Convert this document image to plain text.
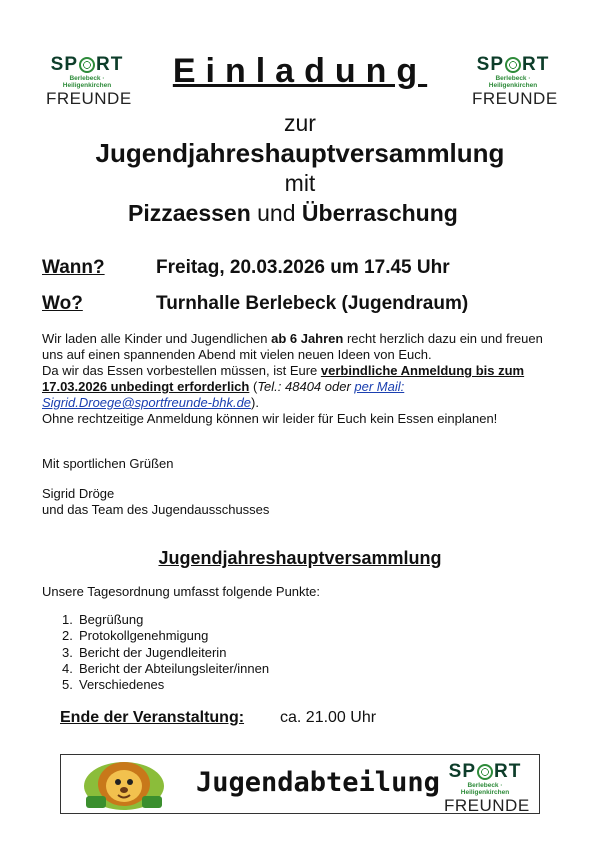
SP RT
Berlebeck · Heiligenkirchen
FREUNDE
SP RT
Berlebeck · Heiligenkirchen
FREUNDE
Einladung
zur
Jugendjahreshauptversammlung
mit
Pizzaessen und Überraschung
Wann?	Freitag, 20.03.2026 um 17.45 Uhr
Wo?	Turnhalle Berlebeck (Jugendraum)
Wir laden alle Kinder und Jugendlichen ab 6 Jahren recht herzlich dazu ein und freuen uns auf einen spannenden Abend mit vielen neuen Ideen von Euch.
Da wir das Essen vorbestellen müssen, ist Eure verbindliche Anmeldung bis zum 17.03.2026 unbedingt erforderlich (Tel.: 48404 oder per Mail: Sigrid.Droege@sportfreunde-bhk.de).
Ohne rechtzeitige Anmeldung können wir leider für Euch kein Essen einplanen!
Mit sportlichen Grüßen
Sigrid Dröge
und das Team des Jugendausschusses
Jugendjahreshauptversammlung
Unsere Tagesordnung umfasst folgende Punkte:
1. Begrüßung
2. Protokollgenehmigung
3. Bericht der Jugendleiterin
4. Bericht der Abteilungsleiter/innen
5. Verschiedenes
Ende der Veranstaltung: ca. 21.00 Uhr
Jugendabteilung SP RT
Berlebeck · Heiligenkirchen
FREUNDE
